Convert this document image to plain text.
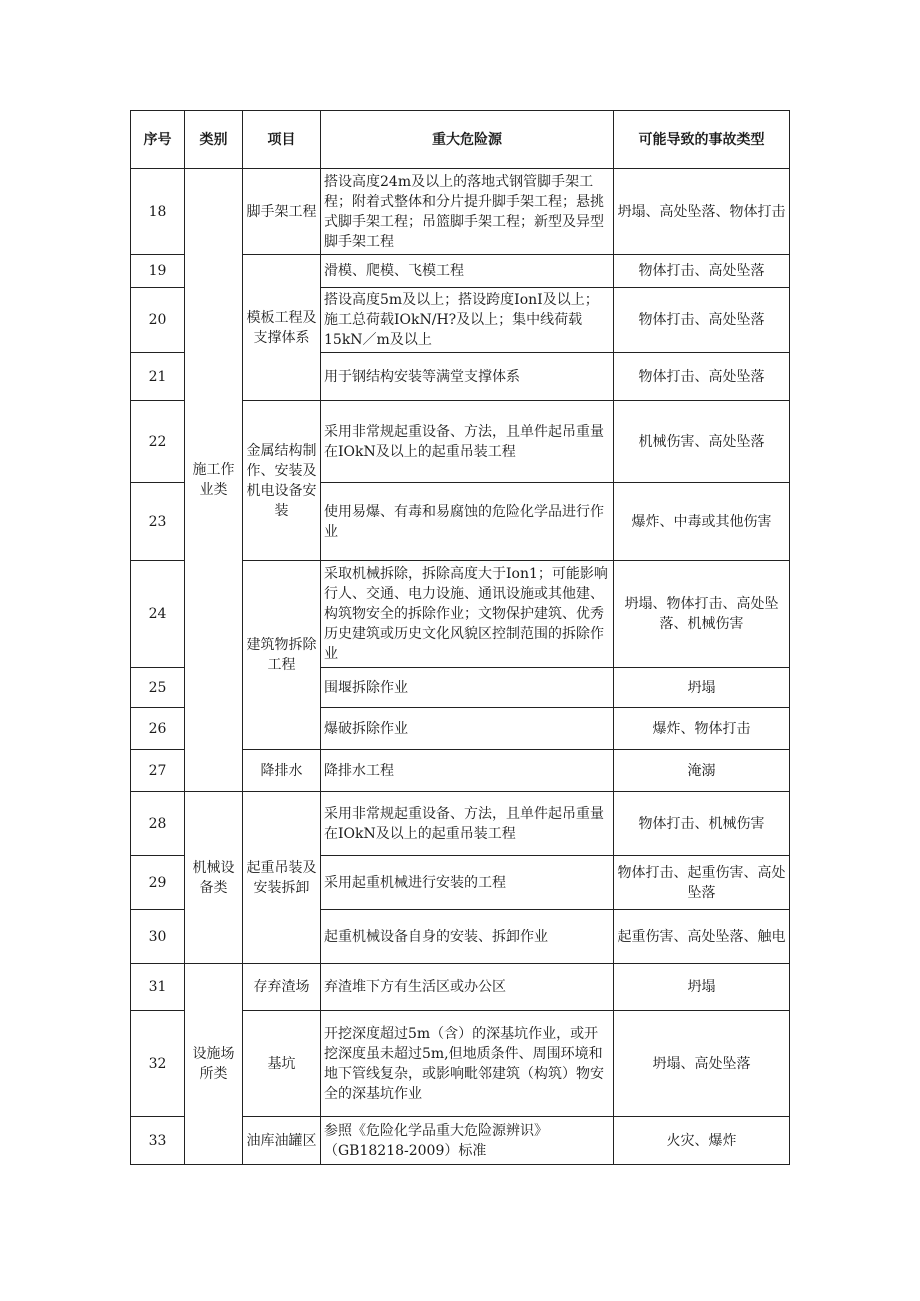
序号	类别	项目	重大危险源	可能导致的事故类型
18	施工作业类	脚手架工程	搭设高度24m及以上的落地式钢管脚手架工程；附着式整体和分片提升脚手架工程；悬挑式脚手架工程；吊篮脚手架工程；新型及异型脚手架工程	坍塌、高处坠落、物体打击
19		模板工程及支撑体系	滑模、爬模、飞模工程	物体打击、高处坠落
20			搭设高度5m及以上；搭设跨度IonI及以上；施工总荷载IOkN/H?及以上；集中线荷载15kN／m及以上	物体打击、高处坠落
21			用于钢结构安装等满堂支撑体系	物体打击、高处坠落
22		金属结构制作、安装及机电设备安装	采用非常规起重设备、方法，且单件起吊重量在IOkN及以上的起重吊装工程	机械伤害、高处坠落
23			使用易爆、有毒和易腐蚀的危险化学品进行作业	爆炸、中毒或其他伤害
24		建筑物拆除工程	采取机械拆除，拆除高度大于Ion1；可能影响行人、交通、电力设施、通讯设施或其他建、构筑物安全的拆除作业；文物保护建筑、优秀历史建筑或历史文化风貌区控制范围的拆除作业	坍塌、物体打击、高处坠落、机械伤害
25			围堰拆除作业	坍塌
26			爆破拆除作业	爆炸、物体打击
27		降排水	降排水工程	淹溺
28	机械设备类	起重吊装及安装拆卸	采用非常规起重设备、方法，且单件起吊重量在IOkN及以上的起重吊装工程	物体打击、机械伤害
29			采用起重机械进行安装的工程	物体打击、起重伤害、高处坠落
30			起重机械设备自身的安装、拆卸作业	起重伤害、高处坠落、触电
31	设施场所类	存弃渣场	弃渣堆下方有生活区或办公区	坍塌
32		基坑	开挖深度超过5m（含）的深基坑作业，或开挖深度虽未超过5m,但地质条件、周围环境和地下管线复杂，或影响毗邻建筑（构筑）物安全的深基坑作业	坍塌、高处坠落
33		油库油罐区	参照《危险化学品重大危险源辨识》（GB18218-2009）标准	火灾、爆炸
